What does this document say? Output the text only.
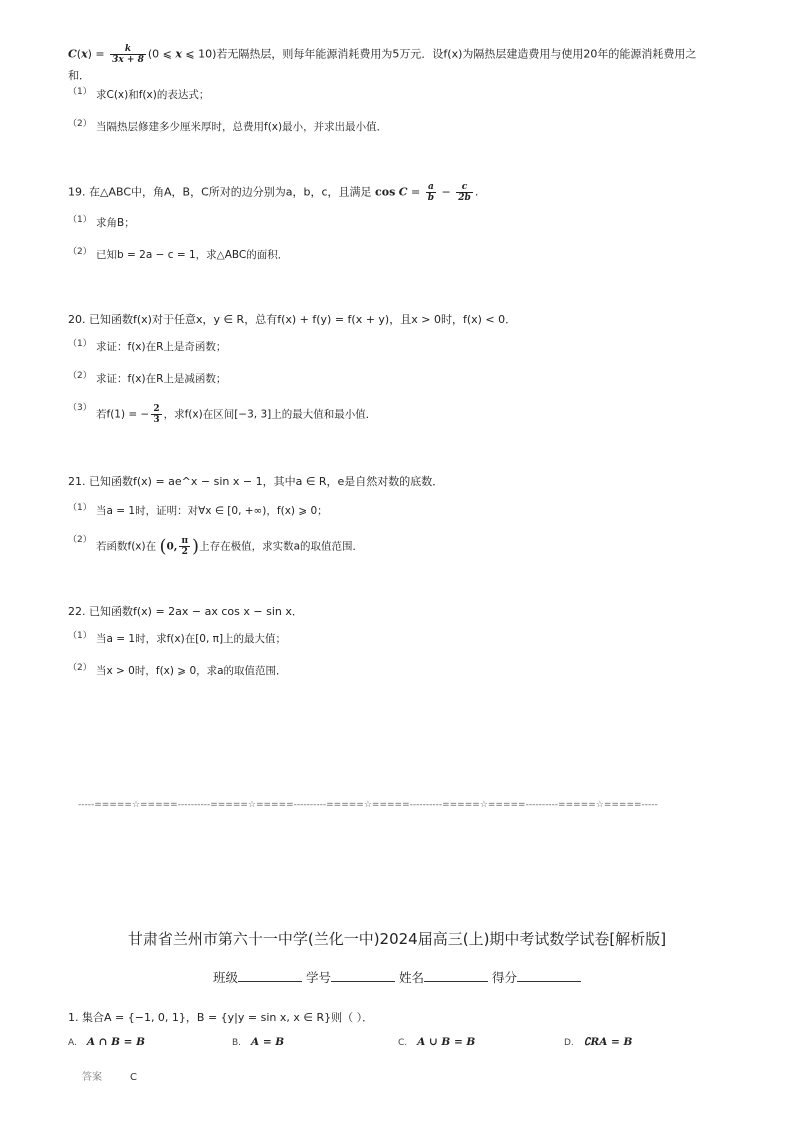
$C(x) = \frac{k}{3x + 8} (0$ ⩽ x ⩽ 10)若无隔热层，则每年能源消耗费用为5万元．设f(x)为隔热层建造费用与使用20年的能源消耗费用之
和．
（1） 求C(x)和f(x)的表达式；
（2） 当隔热层修建多少厘米厚时，总费用f(x)最小，并求出最小值．
19. 在△ABC中，角A，B，C所对的边分别为a，b，c，且满足 $\cos C = \frac{a}{b} - \frac{c}{2b}$ .
（1） 求角B；
（2） 已知b = 2a − c = 1，求△ABC的面积．
20. 已知函数f(x)对于任意x，y ∈ R，总有f(x) + f(y) = f(x + y)，且x > 0时，f(x) < 0．
（1） 求证：f(x)在R上是奇函数；
（2） 求证：f(x)在R上是减函数；
（3）若f(1) = − $\frac{2}{3}$ ，求f(x)在区间[−3, 3]上的最大值和最小值．
21. 已知函数f(x) = ae^x − sin x − 1，其中a ∈ R，e是自然对数的底数．
（1） 当a = 1时，证明：对∀x ∈ [0, +∞)，f(x) ⩾ 0；
（2）若函数f(x)在 (0, $\frac{\pi}{2}$ )上存在极值，求实数a的取值范围．
22. 已知函数f(x) = 2ax − ax cos x − sin x．
（1） 当a = 1时，求f(x)在[0, π]上的最大值；
（2） 当x > 0时，f(x) ⩾ 0，求a的取值范围．
-----=====☆=====----------=====☆=====----------=====☆=====----------=====☆=====----------=====☆=====-----
甘肃省兰州市第六十一中学(兰化一中)2024届高三(上)期中考试数学试卷[解析版]
班级	学号	姓名	得分
1. 集合A = {−1, 0, 1}，B = {y|y = sin x, x ∈ R}则（ ）．
A. A ∩ B = B	B. A = B	C. A ∪ B = B	D. ∁RA = B
答案	C
